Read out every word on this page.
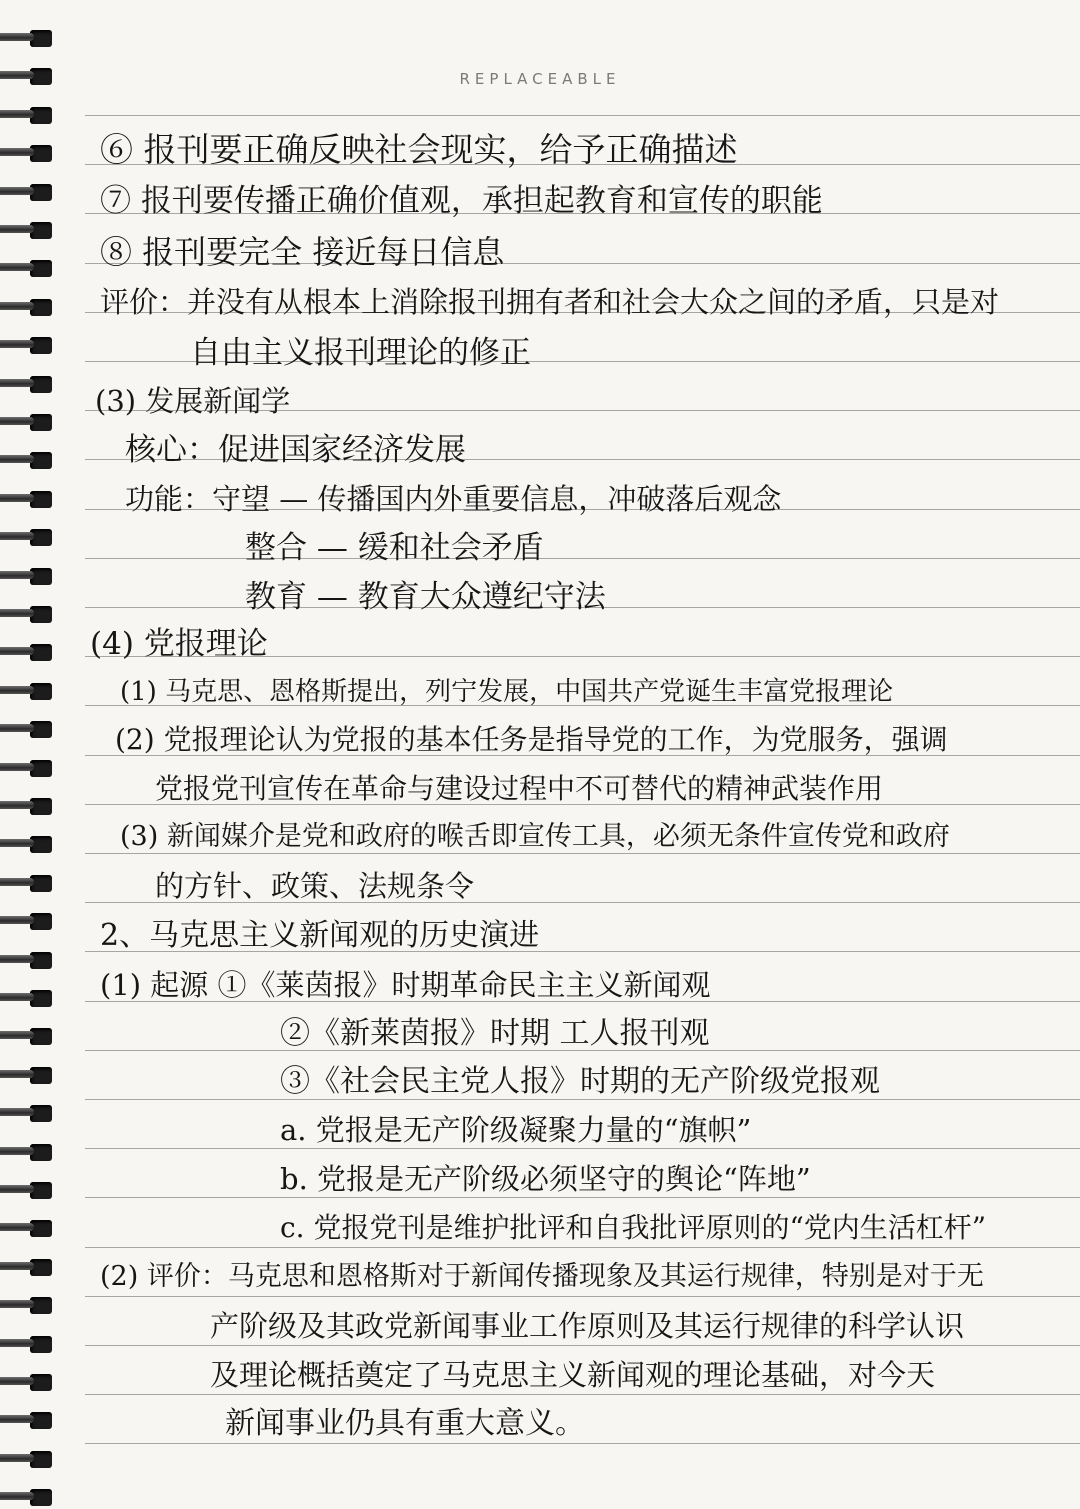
REPLACEABLE
⑥ 报刊要正确反映社会现实，给予正确描述
⑦ 报刊要传播正确价值观，承担起教育和宣传的职能
⑧ 报刊要完全 接近每日信息
评价：并没有从根本上消除报刊拥有者和社会大众之间的矛盾，只是对
自由主义报刊理论的修正
(3) 发展新闻学
核心：促进国家经济发展
功能：守望 — 传播国内外重要信息，冲破落后观念
整合 — 缓和社会矛盾
教育 — 教育大众遵纪守法
(4) 党报理论
(1) 马克思、恩格斯提出，列宁发展，中国共产党诞生丰富党报理论
(2) 党报理论认为党报的基本任务是指导党的工作，为党服务，强调
党报党刊宣传在革命与建设过程中不可替代的精神武装作用
(3) 新闻媒介是党和政府的喉舌即宣传工具，必须无条件宣传党和政府
的方针、政策、法规条令
2、马克思主义新闻观的历史演进
(1) 起源 ①《莱茵报》时期革命民主主义新闻观
②《新莱茵报》时期 工人报刊观
③《社会民主党人报》时期的无产阶级党报观
a. 党报是无产阶级凝聚力量的“旗帜”
b. 党报是无产阶级必须坚守的舆论“阵地”
c. 党报党刊是维护批评和自我批评原则的“党内生活杠杆”
(2) 评价：马克思和恩格斯对于新闻传播现象及其运行规律，特别是对于无
产阶级及其政党新闻事业工作原则及其运行规律的科学认识
及理论概括奠定了马克思主义新闻观的理论基础，对今天
新闻事业仍具有重大意义。
